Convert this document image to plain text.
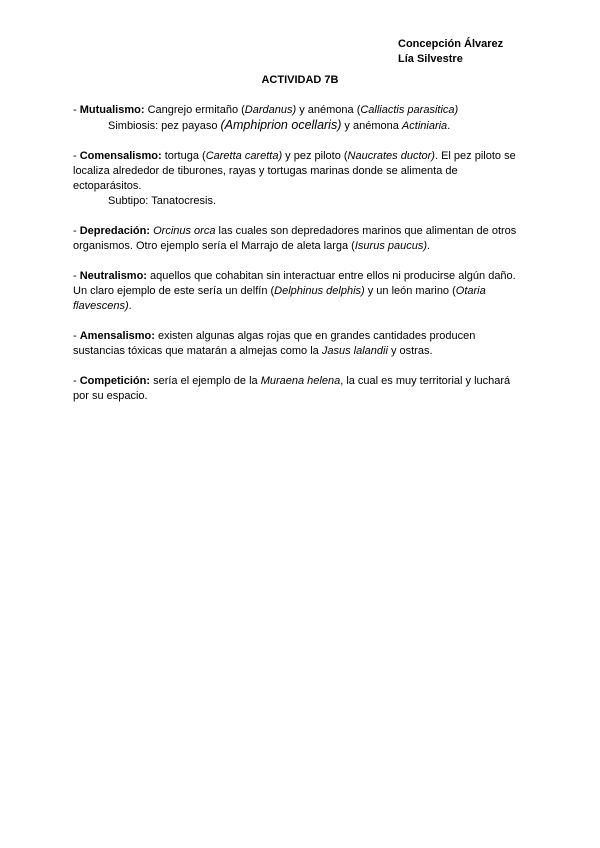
Concepción Álvarez
Lía Silvestre
ACTIVIDAD 7B
- Mutualismo: Cangrejo ermitaño (Dardanus) y anémona (Calliactis parasitica)
Simbiosis: pez payaso (Amphiprion ocellaris) y anémona Actiniaria.
- Comensalismo: tortuga (Caretta caretta) y pez piloto (Naucrates ductor). El pez piloto se
localiza alrededor de tiburones, rayas y tortugas marinas donde se alimenta de
ectoparásitos.
Subtipo: Tanatocresis.
- Depredación: Orcinus orca las cuales son depredadores marinos que alimentan de otros
organismos. Otro ejemplo sería el Marrajo de aleta larga (Isurus paucus).
- Neutralismo: aquellos que cohabitan sin interactuar entre ellos ni producirse algún daño.
Un claro ejemplo de este sería un delfín (Delphinus delphis) y un león marino (Otaria
flavescens).
- Amensalismo: existen algunas algas rojas que en grandes cantidades producen
sustancias tóxicas que matarán a almejas como la Jasus lalandii y ostras.
- Competición: sería el ejemplo de la Muraena helena, la cual es muy territorial y luchará
por su espacio.
